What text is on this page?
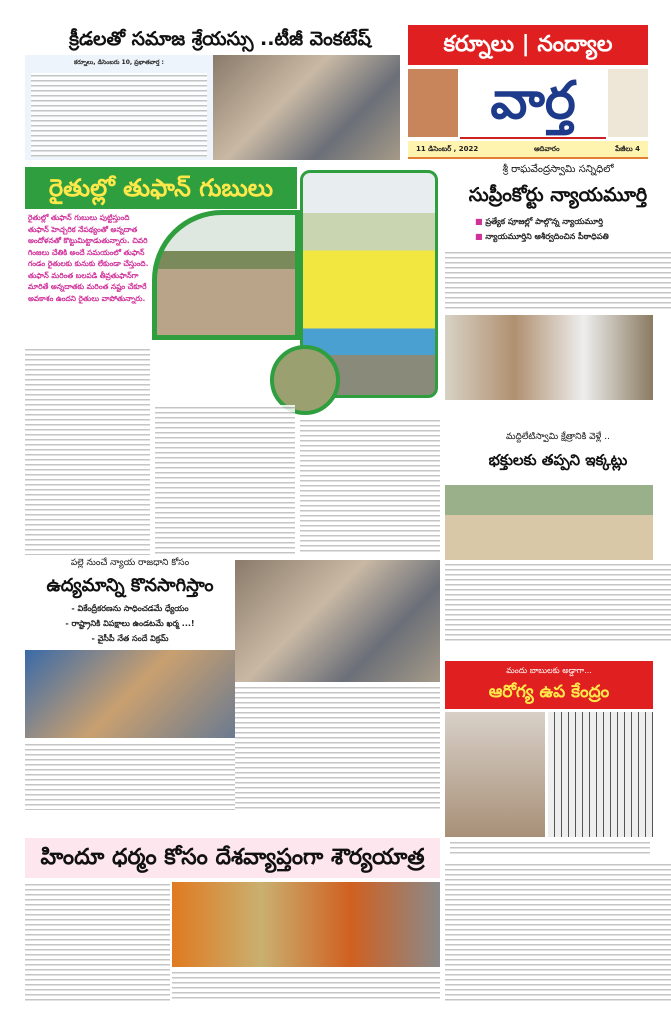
క్రీడలతో సమాజ శ్రేయస్సు ..టీజీ వెంకటేష్
కర్నూలు, డిసెంబరు 10, ప్రభాతవార్త :
కర్నూలు | నంద్యాల
వార్త
11 డిసెంబర్ , 2022	ఆదివారం	పేజీలు 4
రైతుల్లో తుఫాన్ గుబులు
రైతుల్లో తుఫాన్ గుబులు పుట్టిస్తుంది తుఫాన్ హెచ్చరిక నేపథ్యంతో అన్నదాత అందోళనతో కొట్టుమిట్టాడుతున్నారు. చివరి గింజలు చేతికి అందే సమయంలో తుఫాన్ గండం రైతులకు కునుకు లేకుండా చేస్తుంది. తుఫాన్ మరింత బలపడి తీవ్రతుఫాన్‌గా మారితే అన్నదాతకు మరింత నష్టం చేకూరే అవకాశం ఉందని రైతులు వాపోతున్నారు.
శ్రీ రాఘవేంద్రస్వామి సన్నిధిలో
సుప్రీంకోర్టు న్యాయమూర్తి
■ ప్రత్యేక పూజల్లో పాల్గొన్న న్యాయమూర్తి
■ న్యాయమూర్తిని ఆశీర్వదించిన పీఠాధిపతి
మద్దిలేటిస్వామి క్షేత్రానికి వెళ్లే ..
భక్తులకు తప్పని ఇక్కట్లు
పల్లె నుంచే న్యాయ రాజధాని కోసం
ఉద్యమాన్ని కొనసాగిస్తాం
- వికేంద్రీకరణను సాధించడమే ధ్యేయం
- రాష్ట్రానికి విపక్షాలు ఉండటమే ఖర్మ ...!
- వైసీపీ నేత సందే విక్రమ్
మందు బాబులకు అడ్డాగా...
ఆరోగ్య ఉప కేంద్రం
హిందూ ధర్మం కోసం దేశవ్యాప్తంగా శౌర్యయాత్ర
